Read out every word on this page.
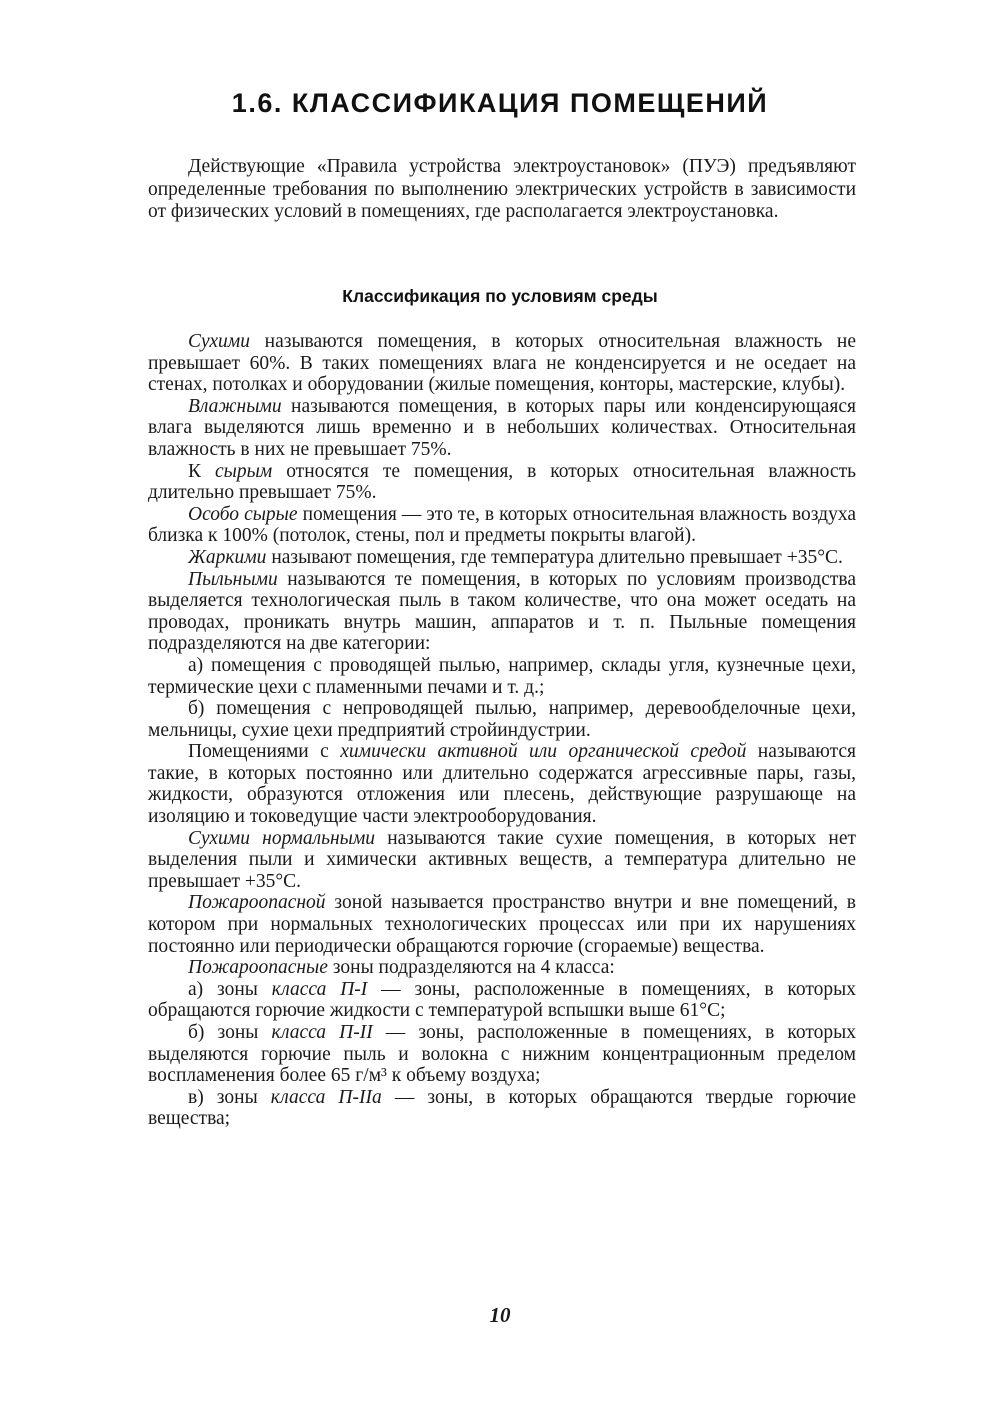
1.6. КЛАССИФИКАЦИЯ ПОМЕЩЕНИЙ

Действующие «Правила устройства электроустановок» (ПУЭ) предъявляют определенные требования по выполнению электрических устройств в зависимости от физических условий в помещениях, где располагается электроустановка.

Классификация по условиям среды

Сухими называются помещения, в которых относительная влажность не превышает 60%. В таких помещениях влага не конденсируется и не оседает на стенах, потолках и оборудовании (жилые помещения, конторы, мастерские, клубы).

Влажными называются помещения, в которых пары или конденсирующаяся влага выделяются лишь временно и в небольших количествах. Относительная влажность в них не превышает 75%.

К сырым относятся те помещения, в которых относительная влажность длительно превышает 75%.

Особо сырые помещения — это те, в которых относительная влажность воздуха близка к 100% (потолок, стены, пол и предметы покрыты влагой).

Жаркими называют помещения, где температура длительно превышает +35°С.

Пыльными называются те помещения, в которых по условиям производства выделяется технологическая пыль в таком количестве, что она может оседать на проводах, проникать внутрь машин, аппаратов и т. п. Пыльные помещения подразделяются на две категории:

а) помещения с проводящей пылью, например, склады угля, кузнечные цехи, термические цехи с пламенными печами и т. д.;

б) помещения с непроводящей пылью, например, деревообделочные цехи, мельницы, сухие цехи предприятий стройиндустрии.

Помещениями с химически активной или органической средой называются такие, в которых постоянно или длительно содержатся агрессивные пары, газы, жидкости, образуются отложения или плесень, действующие разрушающе на изоляцию и токоведущие части электрооборудования.

Сухими нормальными называются такие сухие помещения, в которых нет выделения пыли и химически активных веществ, а температура длительно не превышает +35°С.

Пожароопасной зоной называется пространство внутри и вне помещений, в котором при нормальных технологических процессах или при их нарушениях постоянно или периодически обращаются горючие (сгораемые) вещества.

Пожароопасные зоны подразделяются на 4 класса:

а) зоны класса П-I — зоны, расположенные в помещениях, в которых обращаются горючие жидкости с температурой вспышки выше 61°С;

б) зоны класса П-II — зоны, расположенные в помещениях, в которых выделяются горючие пыль и волокна с нижним концентрационным пределом воспламенения более 65 г/м³ к объему воздуха;

в) зоны класса П-IIa — зоны, в которых обращаются твердые горючие вещества;

10
